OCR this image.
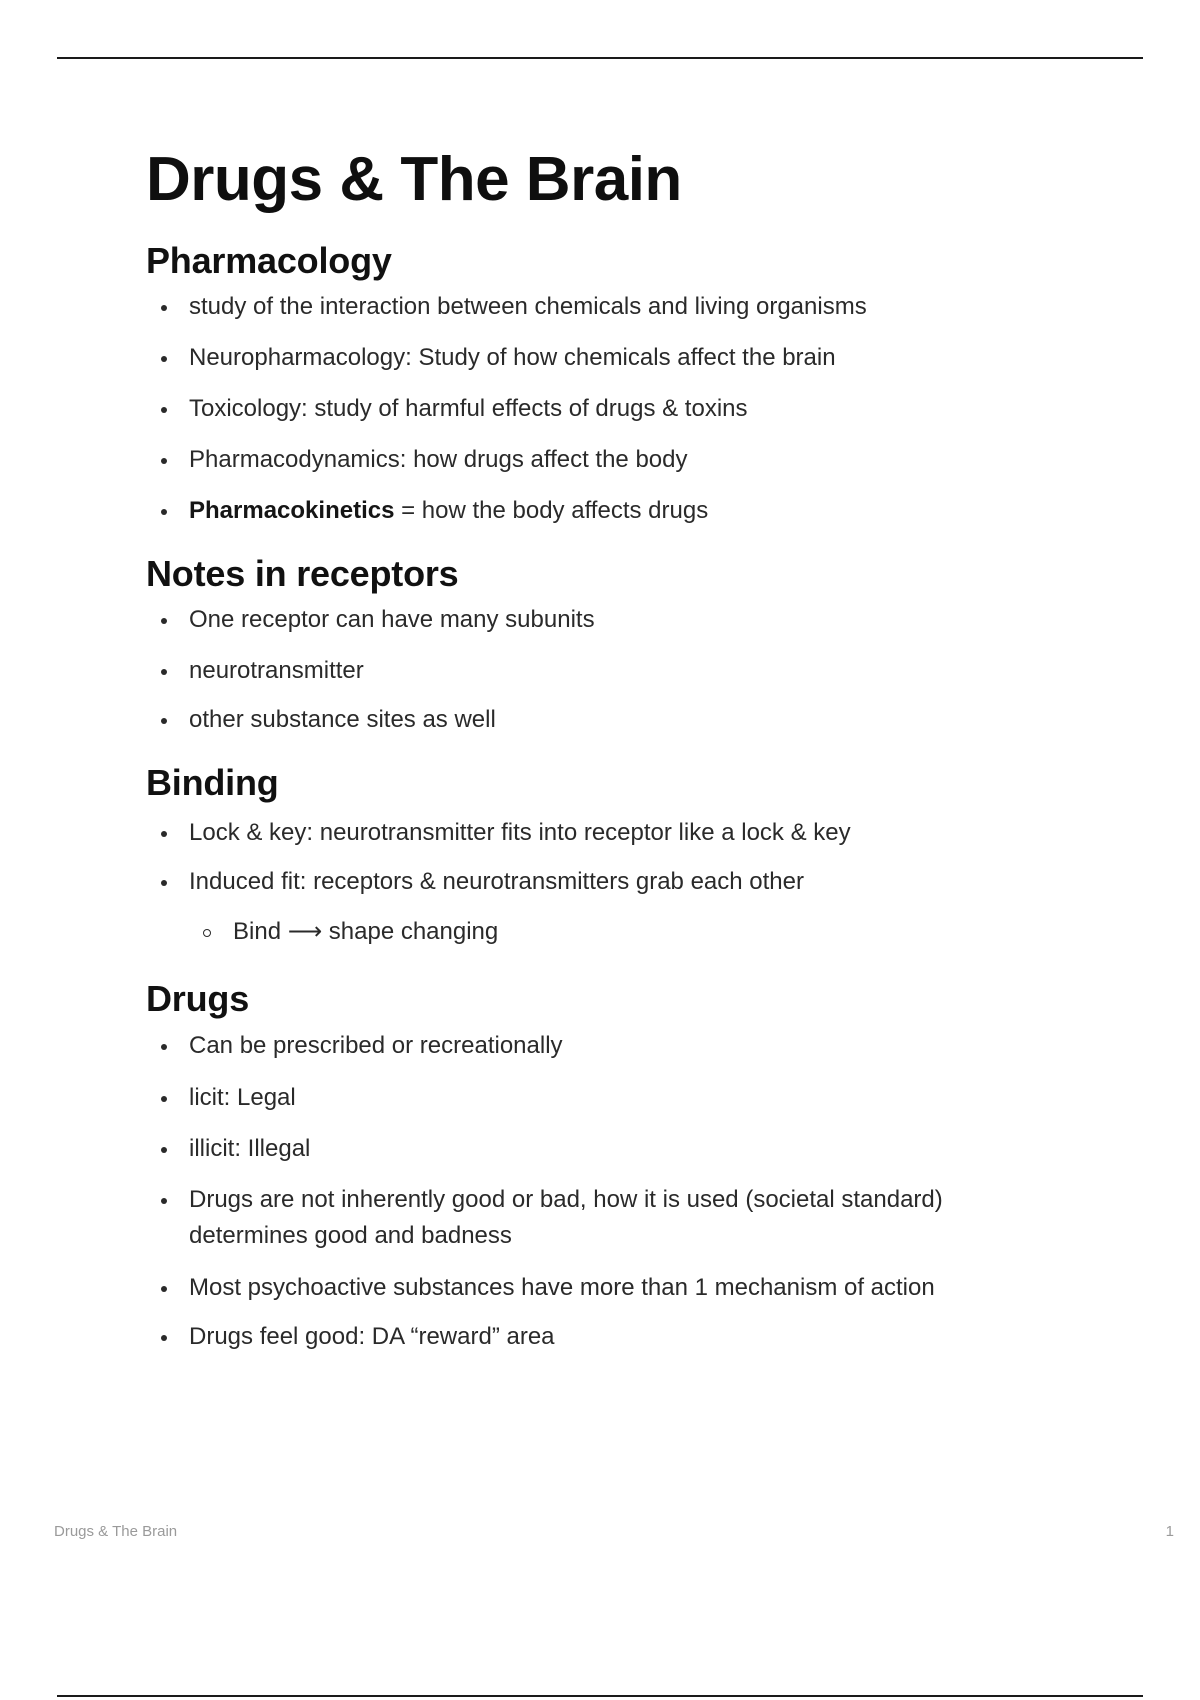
Drugs & The Brain
Pharmacology
study of the interaction between chemicals and living organisms
Neuropharmacology: Study of how chemicals affect the brain
Toxicology: study of harmful effects of drugs & toxins
Pharmacodynamics: how drugs affect the body
Pharmacokinetics = how the body affects drugs
Notes in receptors
One receptor can have many subunits
neurotransmitter
other substance sites as well
Binding
Lock & key: neurotransmitter fits into receptor like a lock & key
Induced fit: receptors & neurotransmitters grab each other
Bind ⟶ shape changing
Drugs
Can be prescribed or recreationally
licit: Legal
illicit: Illegal
Drugs are not inherently good or bad, how it is used (societal standard) determines good and badness
Most psychoactive substances have more than 1 mechanism of action
Drugs feel good: DA “reward” area
Drugs & The Brain	1
